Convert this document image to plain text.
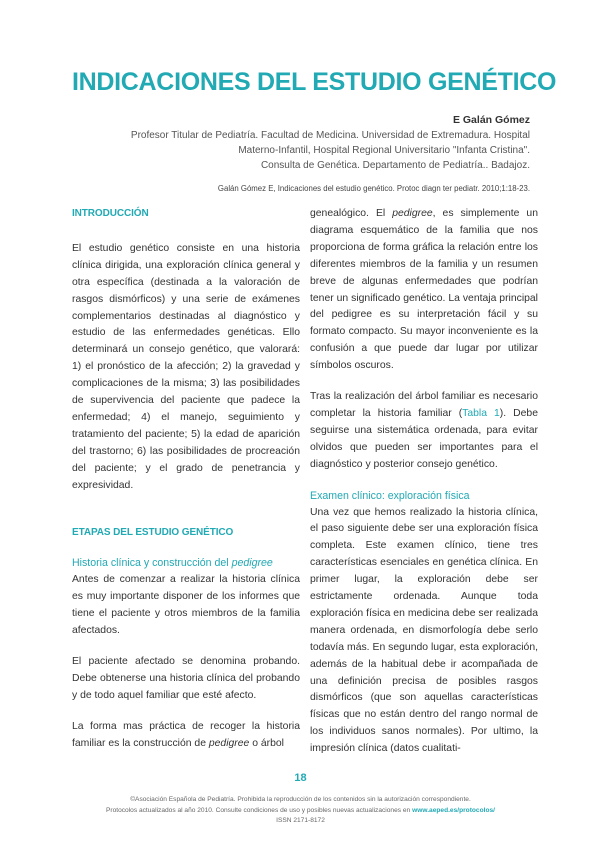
INDICACIONES DEL ESTUDIO GENÉTICO
E Galán Gómez
Profesor Titular de Pediatría. Facultad de Medicina. Universidad de Extremadura. Hospital
Materno-Infantil, Hospital Regional Universitario "Infanta Cristina".
Consulta de Genética. Departamento de Pediatría.. Badajoz.
Galán Gómez E, Indicaciones del estudio genético. Protoc diagn ter pediatr. 2010;1:18-23.

INTRODUCCIÓN

El estudio genético consiste en una historia clínica dirigida, una exploración clínica general y otra específica (destinada a la valoración de rasgos dismórficos) y una serie de exámenes complementarios destinadas al diagnóstico y estudio de las enfermedades genéticas. Ello determinará un consejo genético, que valorará: 1) el pronóstico de la afección; 2) la gravedad y complicaciones de la misma; 3) las posibilidades de supervivencia del paciente que padece la enfermedad; 4) el manejo, seguimiento y tratamiento del paciente; 5) la edad de aparición del trastorno; 6) las posibilidades de procreación del paciente; y el grado de penetrancia y expresividad.

ETAPAS DEL ESTUDIO GENÉTICO

Historia clínica y construcción del pedigree

Antes de comenzar a realizar la historia clínica es muy importante disponer de los informes que tiene el paciente y otros miembros de la familia afectados.

El paciente afectado se denomina probando. Debe obtenerse una historia clínica del probando y de todo aquel familiar que esté afecto.

La forma mas práctica de recoger la historia familiar es la construcción de pedigree o árbol

genealógico. El pedigree, es simplemente un diagrama esquemático de la familia que nos proporciona de forma gráfica la relación entre los diferentes miembros de la familia y un resumen breve de algunas enfermedades que podrían tener un significado genético. La ventaja principal del pedigree es su interpretación fácil y su formato compacto. Su mayor inconveniente es la confusión a que puede dar lugar por utilizar símbolos oscuros.

Tras la realización del árbol familiar es necesario completar la historia familiar (Tabla 1). Debe seguirse una sistemática ordenada, para evitar olvidos que pueden ser importantes para el diagnóstico y posterior consejo genético.

Examen clínico: exploración física

Una vez que hemos realizado la historia clínica, el paso siguiente debe ser una exploración física completa. Este examen clínico, tiene tres características esenciales en genética clínica. En primer lugar, la exploración debe ser estrictamente ordenada. Aunque toda exploración física en medicina debe ser realizada manera ordenada, en dismorfología debe serlo todavía más. En segundo lugar, esta exploración, además de la habitual debe ir acompañada de una definición precisa de posibles rasgos dismórficos (que son aquellas características físicas que no están dentro del rango normal de los individuos sanos normales). Por ultimo, la impresión clínica (datos cualitati-

18
©Asociación Española de Pediatría. Prohibida la reproducción de los contenidos sin la autorización correspondiente.
Protocolos actualizados al año 2010. Consulte condiciones de uso y posibles nuevas actualizaciones en www.aeped.es/protocolos/
ISSN 2171-8172
